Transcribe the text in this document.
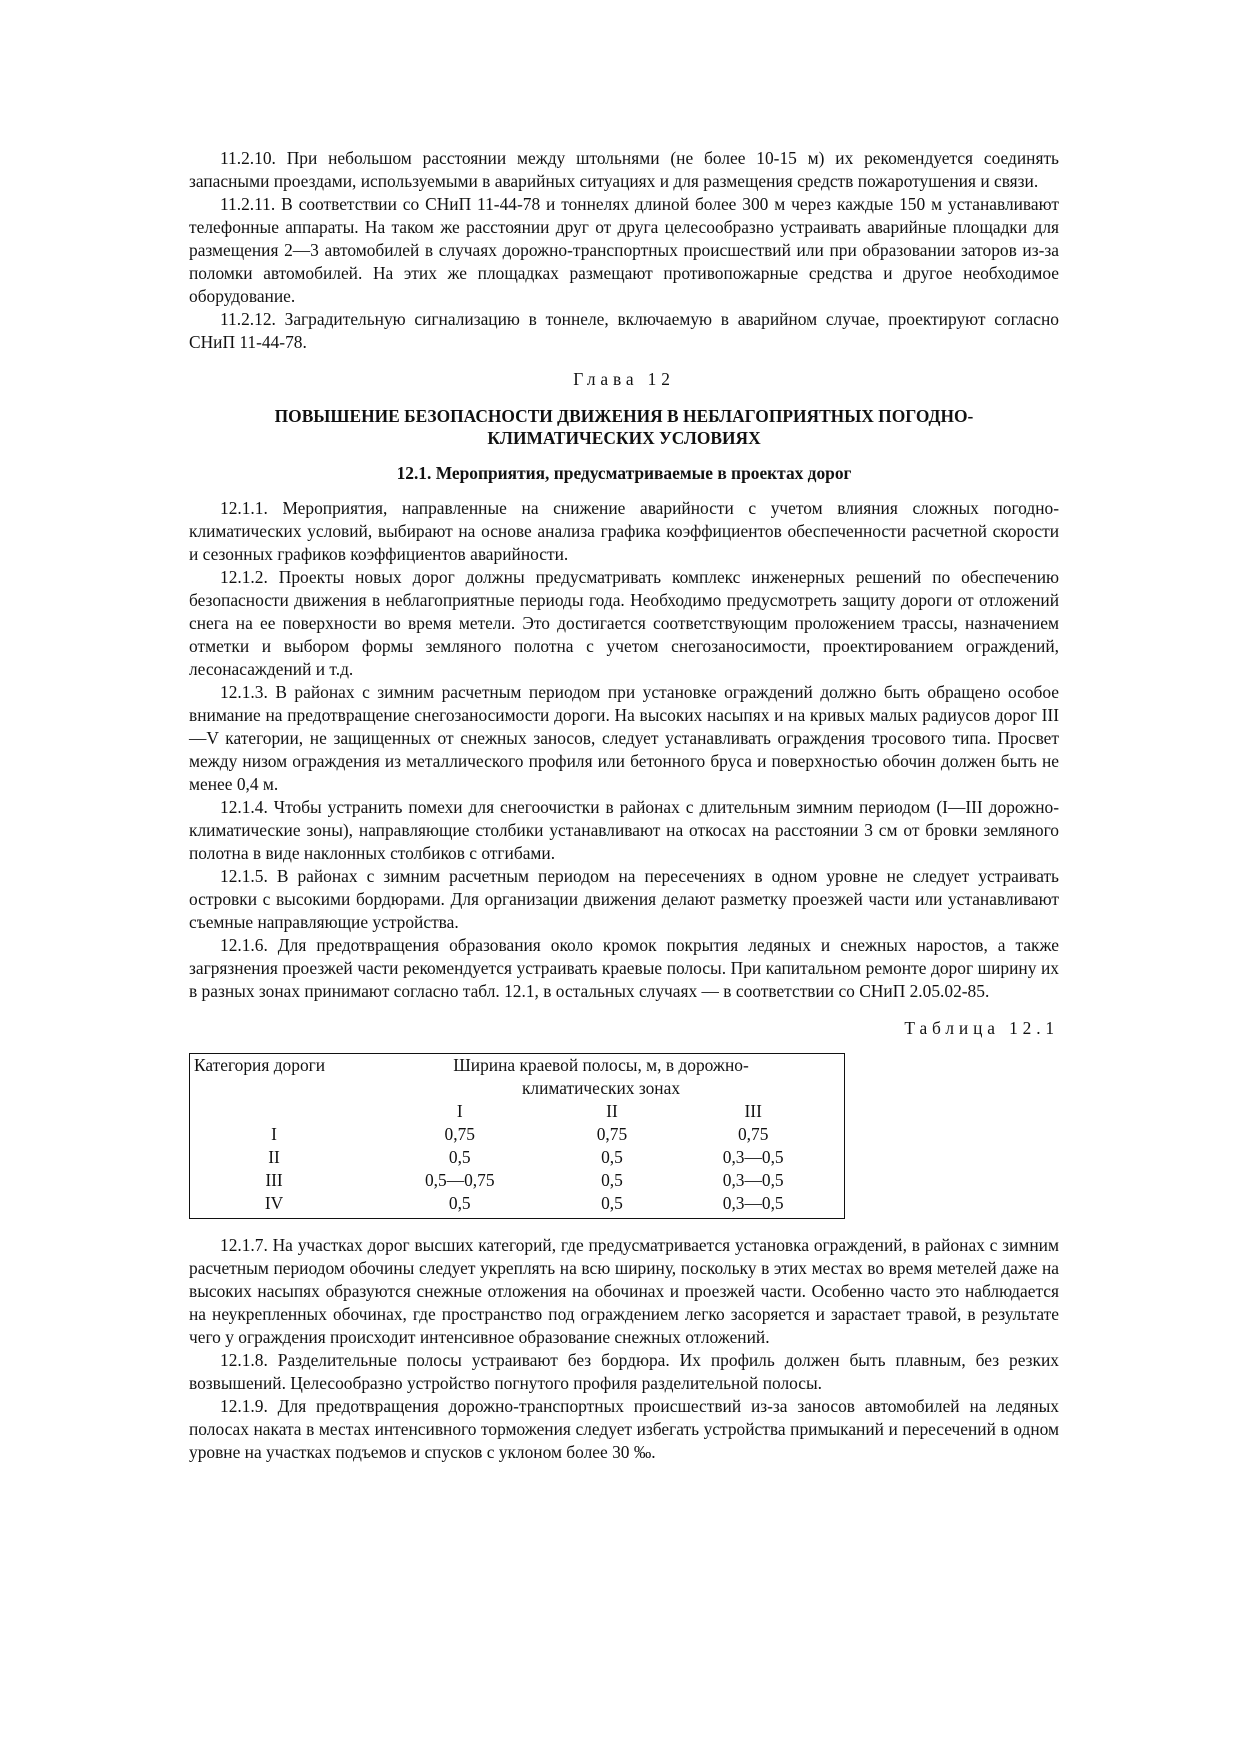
11.2.10. При небольшом расстоянии между штольнями (не более 10-15 м) их рекомендуется соединять запасными проездами, используемыми в аварийных ситуациях и для размещения средств пожаротушения и связи.

11.2.11. В соответствии со СНиП 11-44-78 и тоннелях длиной более 300 м через каждые 150 м устанавливают телефонные аппараты. На таком же расстоянии друг от друга целесообразно устраивать аварийные площадки для размещения 2—3 автомобилей в случаях дорожно-транспортных происшествий или при образовании заторов из-за поломки автомобилей. На этих же площадках размещают противопожарные средства и другое необходимое оборудование.

11.2.12. Заградительную сигнализацию в тоннеле, включаемую в аварийном случае, проектируют согласно СНиП 11-44-78.

Глава 12
ПОВЫШЕНИЕ БЕЗОПАСНОСТИ ДВИЖЕНИЯ В НЕБЛАГОПРИЯТНЫХ ПОГОДНО-
КЛИМАТИЧЕСКИХ УСЛОВИЯХ
12.1. Мероприятия, предусматриваемые в проектах дорог

12.1.1. Мероприятия, направленные на снижение аварийности с учетом влияния сложных погодно-климатических условий, выбирают на основе анализа графика коэффициентов обеспеченности расчетной скорости и сезонных графиков коэффициентов аварийности.

12.1.2. Проекты новых дорог должны предусматривать комплекс инженерных решений по обеспечению безопасности движения в неблагоприятные периоды года. Необходимо предусмотреть защиту дороги от отложений снега на ее поверхности во время метели. Это достигается соответствующим проложением трассы, назначением отметки и выбором формы земляного полотна с учетом снегозаносимости, проектированием ограждений, лесонасаждений и т.д.

12.1.3. В районах с зимним расчетным периодом при установке ограждений должно быть обращено особое внимание на предотвращение снегозаносимости дороги. На высоких насыпях и на кривых малых радиусов дорог III—V категории, не защищенных от снежных заносов, следует устанавливать ограждения тросового типа. Просвет между низом ограждения из металлического профиля или бетонного бруса и поверхностью обочин должен быть не менее 0,4 м.

12.1.4. Чтобы устранить помехи для снегоочистки в районах с длительным зимним периодом (I—III дорожно-климатические зоны), направляющие столбики устанавливают на откосах на расстоянии 3 см от бровки земляного полотна в виде наклонных столбиков с отгибами.

12.1.5. В районах с зимним расчетным периодом на пересечениях в одном уровне не следует устраивать островки с высокими бордюрами. Для организации движения делают разметку проезжей части или устанавливают съемные направляющие устройства.

12.1.6. Для предотвращения образования около кромок покрытия ледяных и снежных наростов, а также загрязнения проезжей части рекомендуется устраивать краевые полосы. При капитальном ремонте дорог ширину их в разных зонах принимают согласно табл. 12.1, в остальных случаях — в соответствии со СНиП 2.05.02-85.

Таблица 12.1
Категория дороги	Ширина краевой полосы, м, в дорожно-
климатических зонах		

	I	II	III
I	0,75	0,75	0,75
II	0,5	0,5	0,3—0,5
III	0,5—0,75	0,5	0,3—0,5
IV	0,5	0,5	0,3—0,5

12.1.7. На участках дорог высших категорий, где предусматривается установка ограждений, в районах с зимним расчетным периодом обочины следует укреплять на всю ширину, поскольку в этих местах во время метелей даже на высоких насыпях образуются снежные отложения на обочинах и проезжей части. Особенно часто это наблюдается на неукрепленных обочинах, где пространство под ограждением легко засоряется и зарастает травой, в результате чего у ограждения происходит интенсивное образование снежных отложений.

12.1.8. Разделительные полосы устраивают без бордюра. Их профиль должен быть плавным, без резких возвышений. Целесообразно устройство погнутого профиля разделительной полосы.

12.1.9. Для предотвращения дорожно-транспортных происшествий из-за заносов автомобилей на ледяных полосах наката в местах интенсивного торможения следует избегать устройства примыканий и пересечений в одном уровне на участках подъемов и спусков с уклоном более 30 ‰.
